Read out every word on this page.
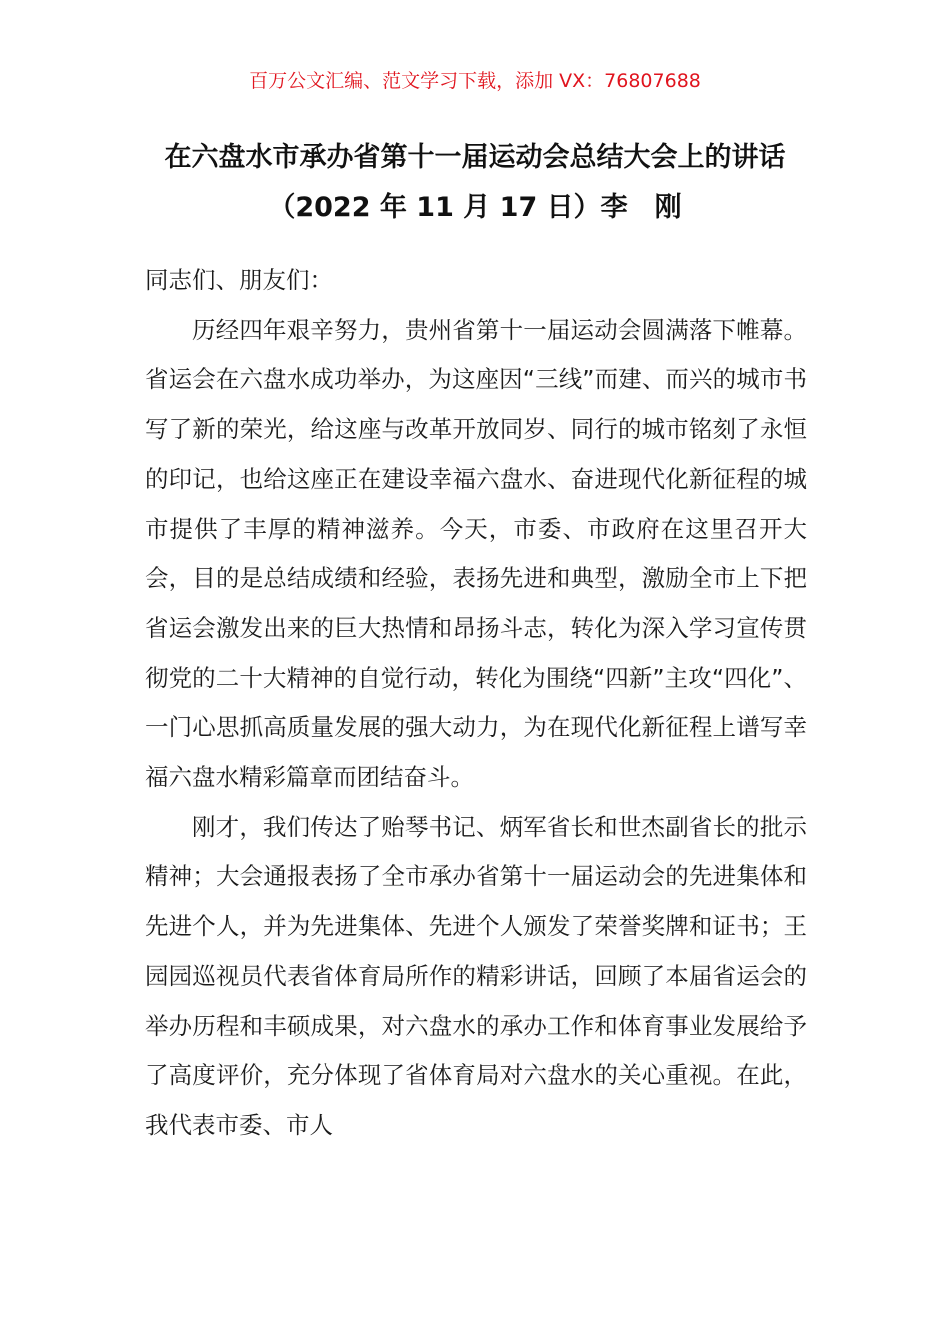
百万公文汇编、范文学习下载，添加 VX：76807688
在六盘水市承办省第十一届运动会总结大会上的讲话
（2022 年 11 月 17 日）李　刚

同志们、朋友们：

历经四年艰辛努力，贵州省第十一届运动会圆满落下帷幕。省运会在六盘水成功举办，为这座因“三线”而建、而兴的城市书写了新的荣光，给这座与改革开放同岁、同行的城市铭刻了永恒的印记，也给这座正在建设幸福六盘水、奋进现代化新征程的城市提供了丰厚的精神滋养。今天，市委、市政府在这里召开大会，目的是总结成绩和经验，表扬先进和典型，激励全市上下把省运会激发出来的巨大热情和昂扬斗志，转化为深入学习宣传贯彻党的二十大精神的自觉行动，转化为围绕“四新”主攻“四化”、一门心思抓高质量发展的强大动力，为在现代化新征程上谱写幸福六盘水精彩篇章而团结奋斗。

刚才，我们传达了贻琴书记、炳军省长和世杰副省长的批示精神；大会通报表扬了全市承办省第十一届运动会的先进集体和先进个人，并为先进集体、先进个人颁发了荣誉奖牌和证书；王园园巡视员代表省体育局所作的精彩讲话，回顾了本届省运会的举办历程和丰硕成果，对六盘水的承办工作和体育事业发展给予了高度评价，充分体现了省体育局对六盘水的关心重视。在此，我代表市委、市人
